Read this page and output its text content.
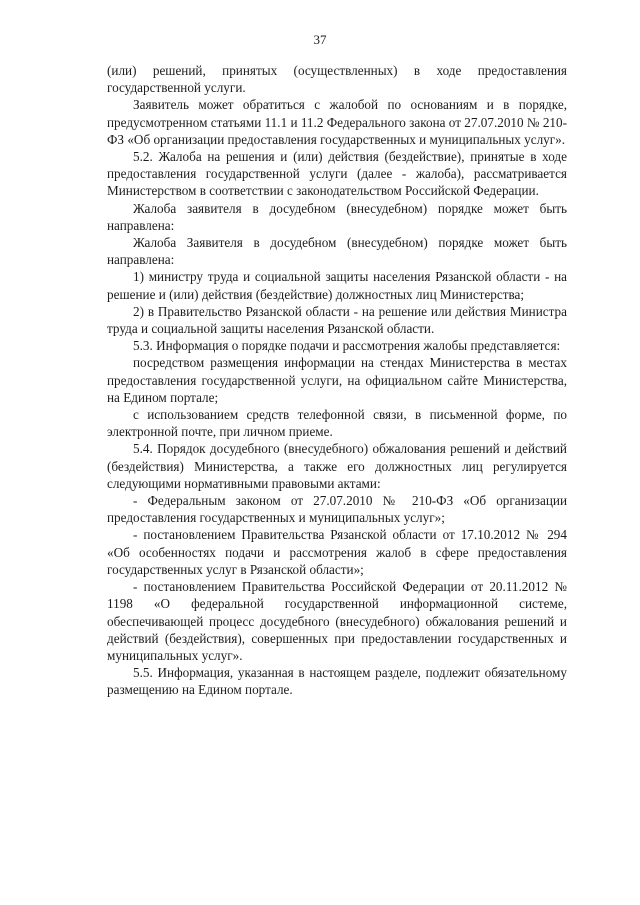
37

(или) решений, принятых (осуществленных) в ходе предоставления государственной услуги.

Заявитель может обратиться с жалобой по основаниям и в порядке, предусмотренном статьями 11.1 и 11.2 Федерального закона от 27.07.2010 № 210-ФЗ «Об организации предоставления государственных и муниципальных услуг».

5.2. Жалоба на решения и (или) действия (бездействие), принятые в ходе предоставления государственной услуги (далее - жалоба), рассматривается Министерством в соответствии с законодательством Российской Федерации.

Жалоба заявителя в досудебном (внесудебном) порядке может быть направлена:

Жалоба Заявителя в досудебном (внесудебном) порядке может быть направлена:

1) министру труда и социальной защиты населения Рязанской области - на решение и (или) действия (бездействие) должностных лиц Министерства;

2) в Правительство Рязанской области - на решение или действия Министра труда и социальной защиты населения Рязанской области.

5.3. Информация о порядке подачи и рассмотрения жалобы представляется:

посредством размещения информации на стендах Министерства в местах предоставления государственной услуги, на официальном сайте Министерства, на Едином портале;

с использованием средств телефонной связи, в письменной форме, по электронной почте, при личном приеме.

5.4. Порядок досудебного (внесудебного) обжалования решений и действий (бездействия) Министерства, а также его должностных лиц регулируется следующими нормативными правовыми актами:

- Федеральным законом от 27.07.2010 № 210-ФЗ «Об организации предоставления государственных и муниципальных услуг»;

- постановлением Правительства Рязанской области от 17.10.2012 № 294 «Об особенностях подачи и рассмотрения жалоб в сфере предоставления государственных услуг в Рязанской области»;

- постановлением Правительства Российской Федерации от 20.11.2012 № 1198 «О федеральной государственной информационной системе, обеспечивающей процесс досудебного (внесудебного) обжалования решений и действий (бездействия), совершенных при предоставлении государственных и муниципальных услуг».

5.5. Информация, указанная в настоящем разделе, подлежит обязательному размещению на Едином портале.
